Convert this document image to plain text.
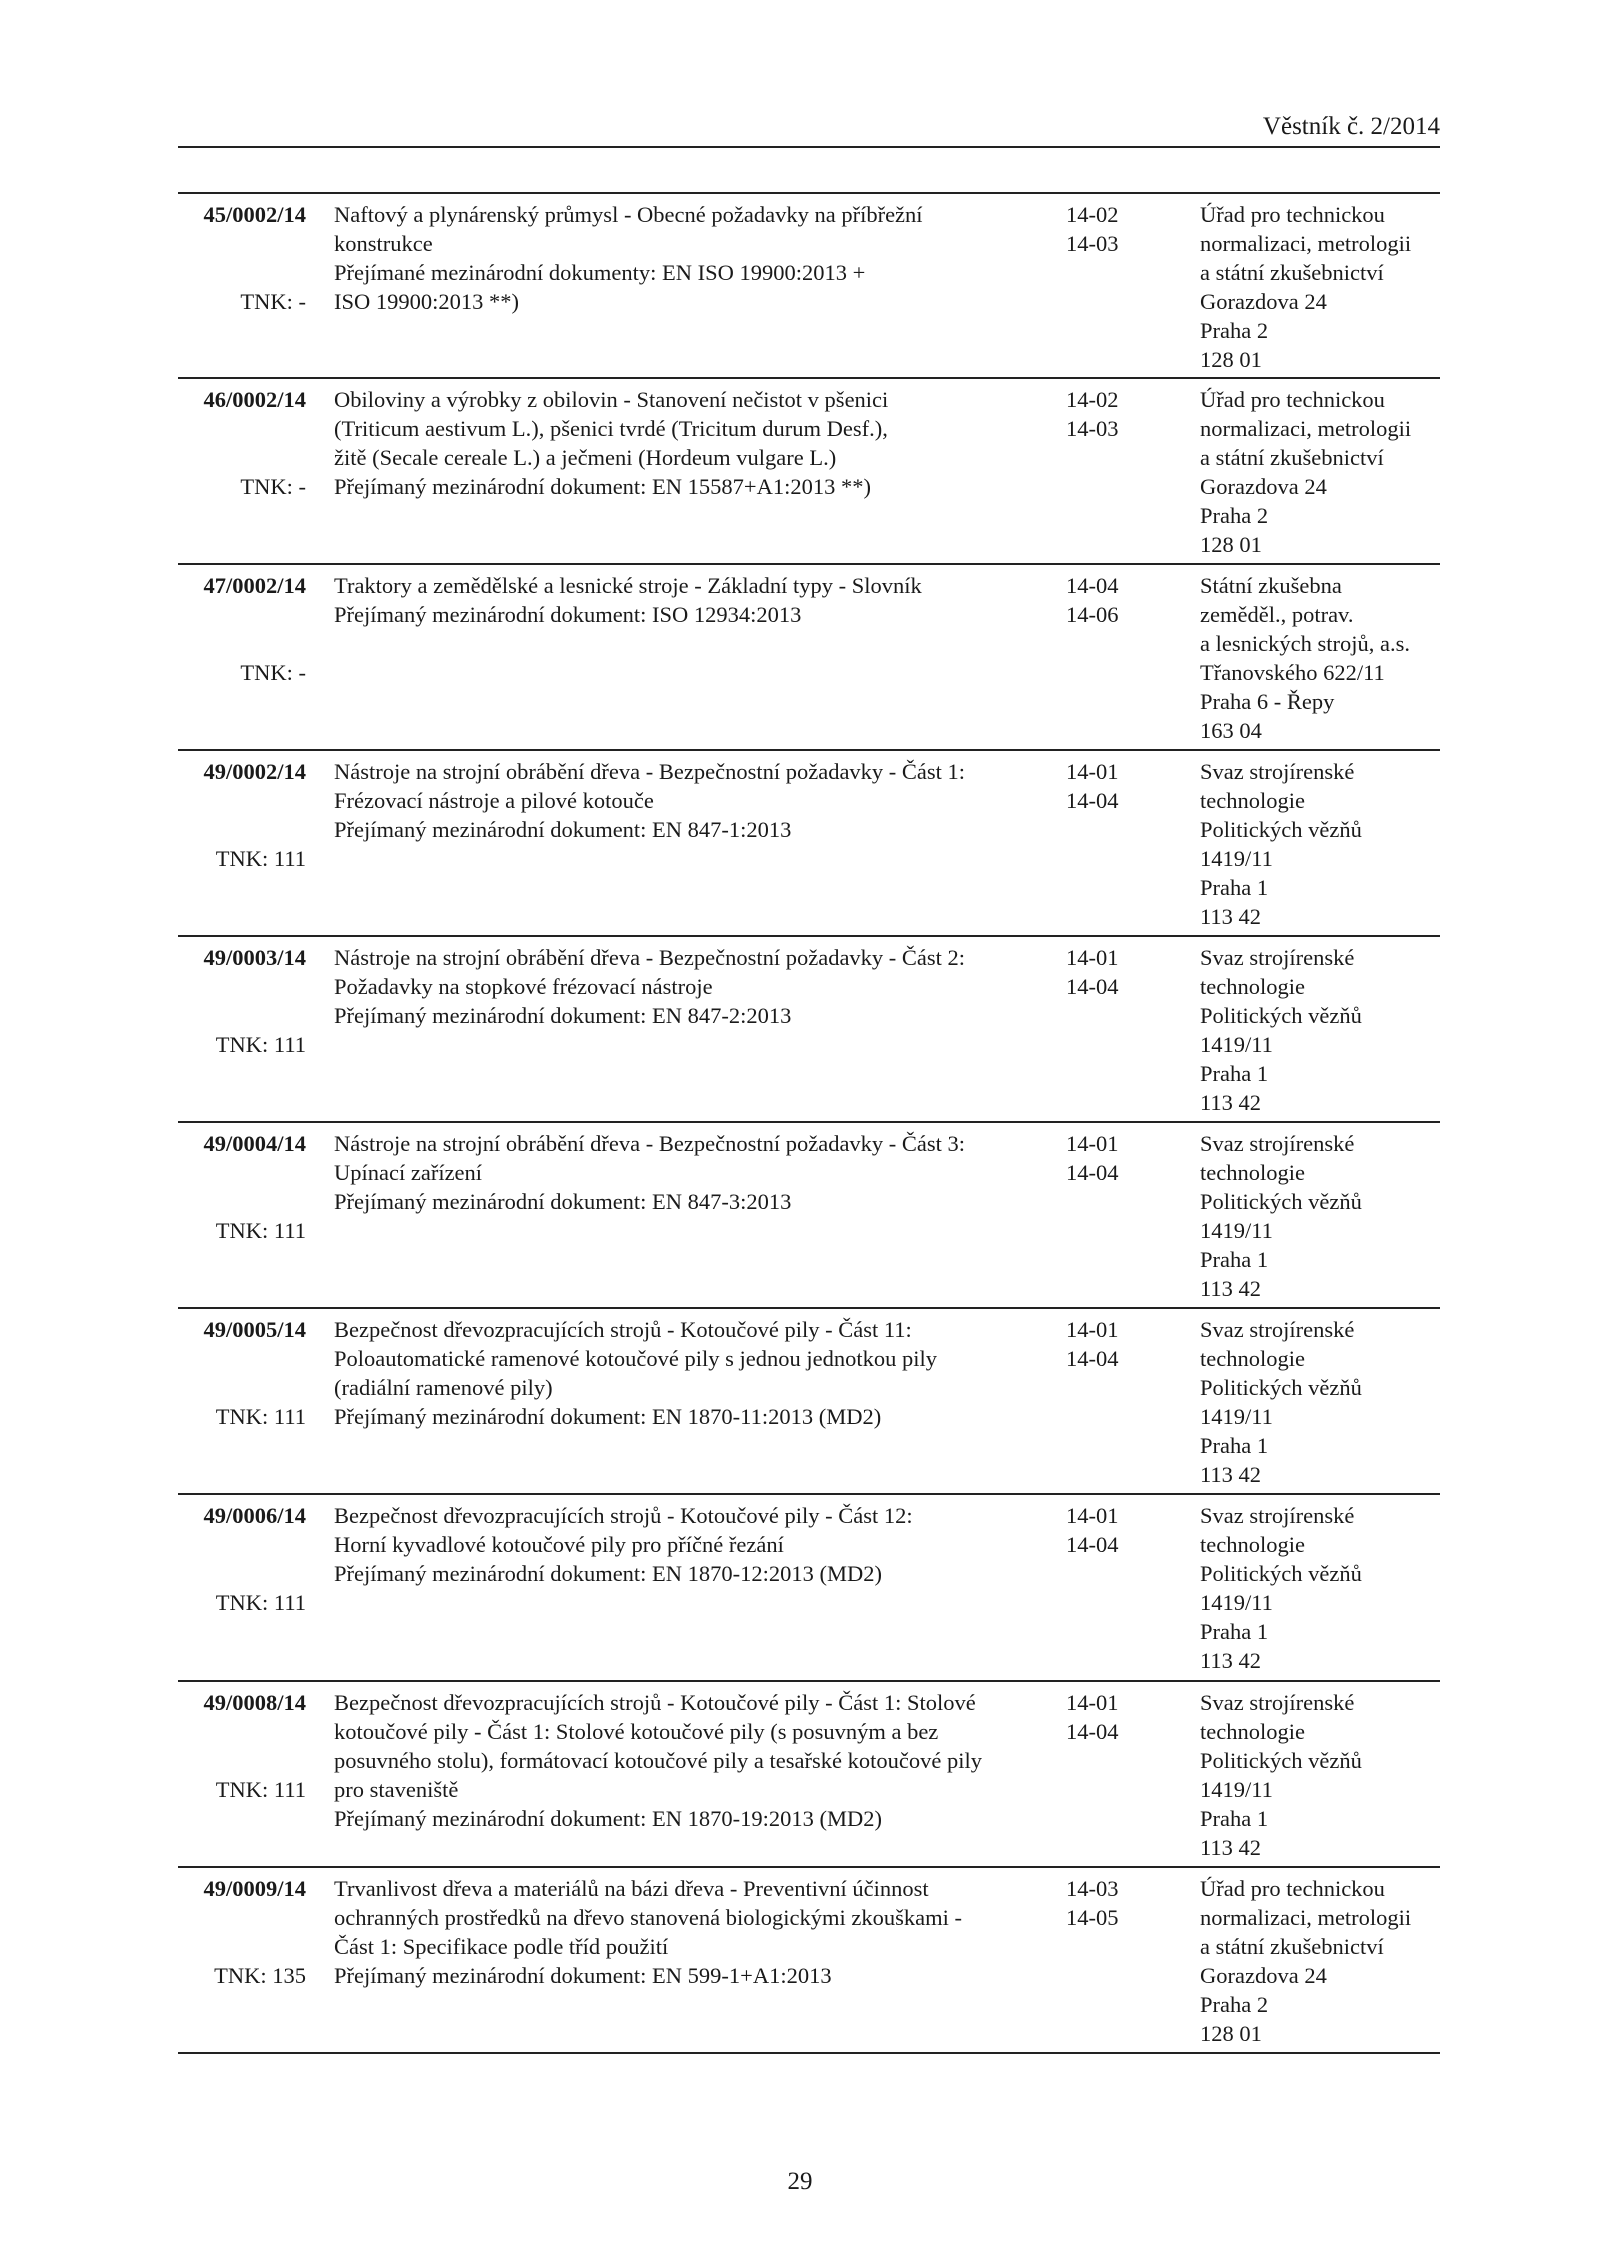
Věstník č. 2/2014
45/0002/14
TNK: -
Naftový a plynárenský průmysl - Obecné požadavky na příbřežní
konstrukce
Přejímané mezinárodní dokumenty: EN ISO 19900:2013 +
ISO 19900:2013 **)
14-02
14-03
Úřad pro technickou
normalizaci, metrologii
a státní zkušebnictví
Gorazdova 24
Praha 2
128 01
46/0002/14
TNK: -
Obiloviny a výrobky z obilovin - Stanovení nečistot v pšenici
(Triticum aestivum L.), pšenici tvrdé (Tricitum durum Desf.),
žitě (Secale cereale L.) a ječmeni (Hordeum vulgare L.)
Přejímaný mezinárodní dokument: EN 15587+A1:2013 **)
14-02
14-03
Úřad pro technickou
normalizaci, metrologii
a státní zkušebnictví
Gorazdova 24
Praha 2
128 01
47/0002/14
TNK: -
Traktory a zemědělské a lesnické stroje - Základní typy - Slovník
Přejímaný mezinárodní dokument: ISO 12934:2013
14-04
14-06
Státní zkušebna
zeměděl., potrav.
a lesnických strojů, a.s.
Třanovského 622/11
Praha 6 - Řepy
163 04
49/0002/14
TNK: 111
Nástroje na strojní obrábění dřeva - Bezpečnostní požadavky - Část 1:
Frézovací nástroje a pilové kotouče
Přejímaný mezinárodní dokument: EN 847-1:2013
14-01
14-04
Svaz strojírenské
technologie
Politických vězňů
1419/11
Praha 1
113 42
49/0003/14
TNK: 111
Nástroje na strojní obrábění dřeva - Bezpečnostní požadavky - Část 2:
Požadavky na stopkové frézovací nástroje
Přejímaný mezinárodní dokument: EN 847-2:2013
14-01
14-04
Svaz strojírenské
technologie
Politických vězňů
1419/11
Praha 1
113 42
49/0004/14
TNK: 111
Nástroje na strojní obrábění dřeva - Bezpečnostní požadavky - Část 3:
Upínací zařízení
Přejímaný mezinárodní dokument: EN 847-3:2013
14-01
14-04
Svaz strojírenské
technologie
Politických vězňů
1419/11
Praha 1
113 42
49/0005/14
TNK: 111
Bezpečnost dřevozpracujících strojů - Kotoučové pily - Část 11:
Poloautomatické ramenové kotoučové pily s jednou jednotkou pily
(radiální ramenové pily)
Přejímaný mezinárodní dokument: EN 1870-11:2013 (MD2)
14-01
14-04
Svaz strojírenské
technologie
Politických vězňů
1419/11
Praha 1
113 42
49/0006/14
TNK: 111
Bezpečnost dřevozpracujících strojů - Kotoučové pily - Část 12:
Horní kyvadlové kotoučové pily pro příčné řezání
Přejímaný mezinárodní dokument: EN 1870-12:2013 (MD2)
14-01
14-04
Svaz strojírenské
technologie
Politických vězňů
1419/11
Praha 1
113 42
49/0008/14
TNK: 111
Bezpečnost dřevozpracujících strojů - Kotoučové pily - Část 1: Stolové
kotoučové pily - Část 1: Stolové kotoučové pily (s posuvným a bez
posuvného stolu), formátovací kotoučové pily a tesařské kotoučové pily
pro staveniště
Přejímaný mezinárodní dokument: EN 1870-19:2013 (MD2)
14-01
14-04
Svaz strojírenské
technologie
Politických vězňů
1419/11
Praha 1
113 42
49/0009/14
TNK: 135
Trvanlivost dřeva a materiálů na bázi dřeva - Preventivní účinnost
ochranných prostředků na dřevo stanovená biologickými zkouškami -
Část 1: Specifikace podle tříd použití
Přejímaný mezinárodní dokument: EN 599-1+A1:2013
14-03
14-05
Úřad pro technickou
normalizaci, metrologii
a státní zkušebnictví
Gorazdova 24
Praha 2
128 01
29
